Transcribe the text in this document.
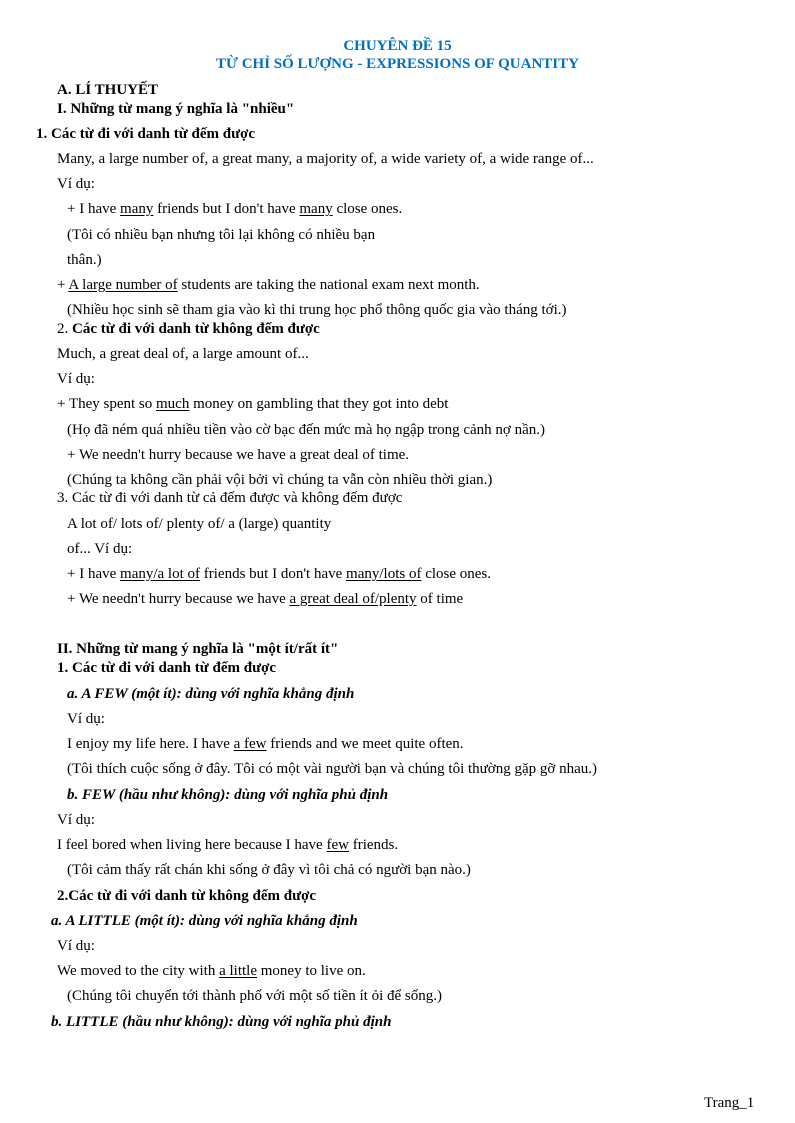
CHUYÊN ĐỀ 15
TỪ CHỈ SỐ LƯỢNG - EXPRESSIONS OF QUANTITY
A. LÍ THUYẾT
I. Những từ mang ý nghĩa là "nhiều"
1. Các từ đi với danh từ đếm được
Many, a large number of, a great many, a majority of, a wide variety of, a wide range of...
Ví dụ:
+ I have many friends but I don't have many close ones.
(Tôi có nhiều bạn nhưng tôi lại không có nhiều bạn
thân.)
+ A large number of students are taking the national exam next month.
(Nhiều học sinh sẽ tham gia vào kì thi trung học phổ thông quốc gia vào tháng tới.)
2. Các từ đi với danh từ không đếm được
Much, a great deal of, a large amount of...
Ví dụ:
+ They spent so much money on gambling that they got into debt
(Họ đã ném quá nhiều tiền vào cờ bạc đến mức mà họ ngập trong cảnh nợ nần.)
+ We needn't hurry because we have a great deal of time.
(Chúng ta không cần phải vội bởi vì chúng ta vẫn còn nhiều thời gian.)
3. Các từ đi với danh từ cả đếm được và không đếm được
A lot of/ lots of/ plenty of/ a (large) quantity
of... Ví dụ:
+ I have many/a lot of friends but I don't have many/lots of close ones.
+ We needn't hurry because we have a great deal of/plenty of time
II. Những từ mang ý nghĩa là "một ít/rất ít"
1. Các từ đi với danh từ đếm được
a. A FEW (một ít): dùng với nghĩa khẳng định
Ví dụ:
I enjoy my life here. I have a few friends and we meet quite often.
(Tôi thích cuộc sống ở đây. Tôi có một vài người bạn và chúng tôi thường gặp gỡ nhau.)
b. FEW (hầu như không): dùng với nghĩa phủ định
Ví dụ:
I feel bored when living here because I have few friends.
(Tôi cảm thấy rất chán khi sống ở đây vì tôi chả có người bạn nào.)
2.Các từ đi với danh từ không đếm được
a. A LITTLE (một ít): dùng với nghĩa khẳng định
Ví dụ:
We moved to the city with a little money to live on.
(Chúng tôi chuyển tới thành phố với một số tiền ít ỏi để sống.)
b. LITTLE (hầu như không): dùng với nghĩa phủ định
Trang_1
